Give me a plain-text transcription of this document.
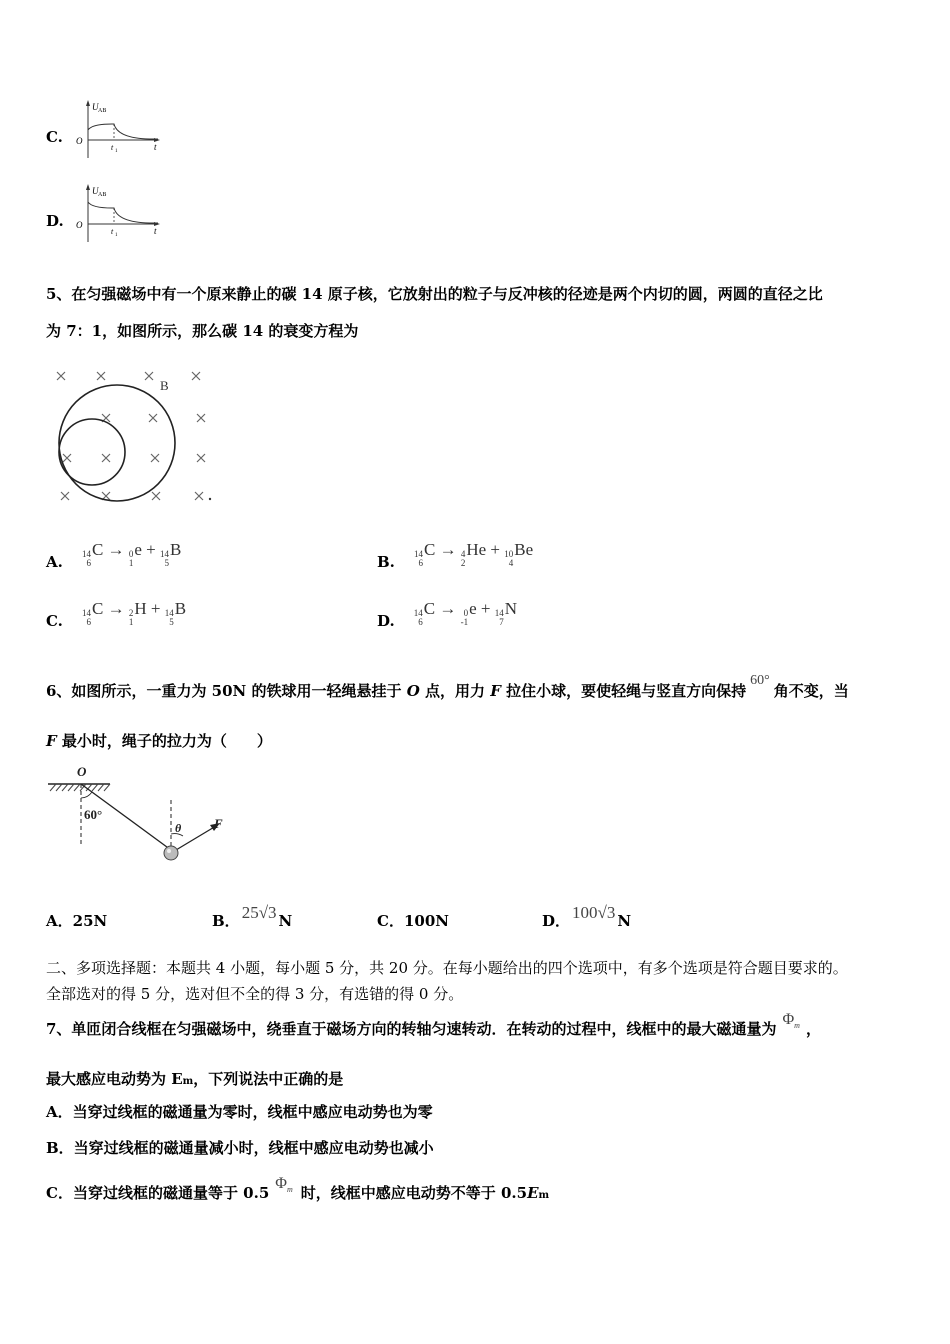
C.
U AB
O
t 1	t
D.
U AB
O
t 1	t
5、在匀强磁场中有一个原来静止的碳 14 原子核，它放射出的粒子与反冲核的径迹是两个内切的圆，两圆的直径之比
为 7：1，如图所示，那么碳 14 的衰变方程为
B
A. 14
6
C → 0
1
e + 14
5
B
B. 14
6
C → 4
2
He + 10
4
Be
C. 14
6
C → 2
1
H + 14
5
B
D. 14
6
C → 0
-1
e + 14
7
N
6、如图所示，一重力为 50N 的铁球用一轻绳悬挂于 O 点，用力 F 拉住小球，要使轻绳与竖直方向保持60°角不变，当
F 最小时，绳子的拉力为（　　）
O
60°
θ	F
A．25N	B． 25√3 N	C．100N	D． 100√3 N
二、多项选择题：本题共 4 小题，每小题 5 分，共 20 分。在每小题给出的四个选项中，有多个选项是符合题目要求的。
全部选对的得 5 分，选对但不全的得 3 分，有选错的得 0 分。
7、单匝闭合线框在匀强磁场中，绕垂直于磁场方向的转轴匀速转动．在转动的过程中，线框中的最大磁通量为$\Phi^m$ ，
最大感应电动势为 Em，下列说法中正确的是
A．当穿过线框的磁通量为零时，线框中感应电动势也为零
B．当穿过线框的磁通量减小时，线框中感应电动势也减小
C．当穿过线框的磁通量等于 $0.5\Phi^m$ 时，线框中感应电动势不等于 0.5Em
